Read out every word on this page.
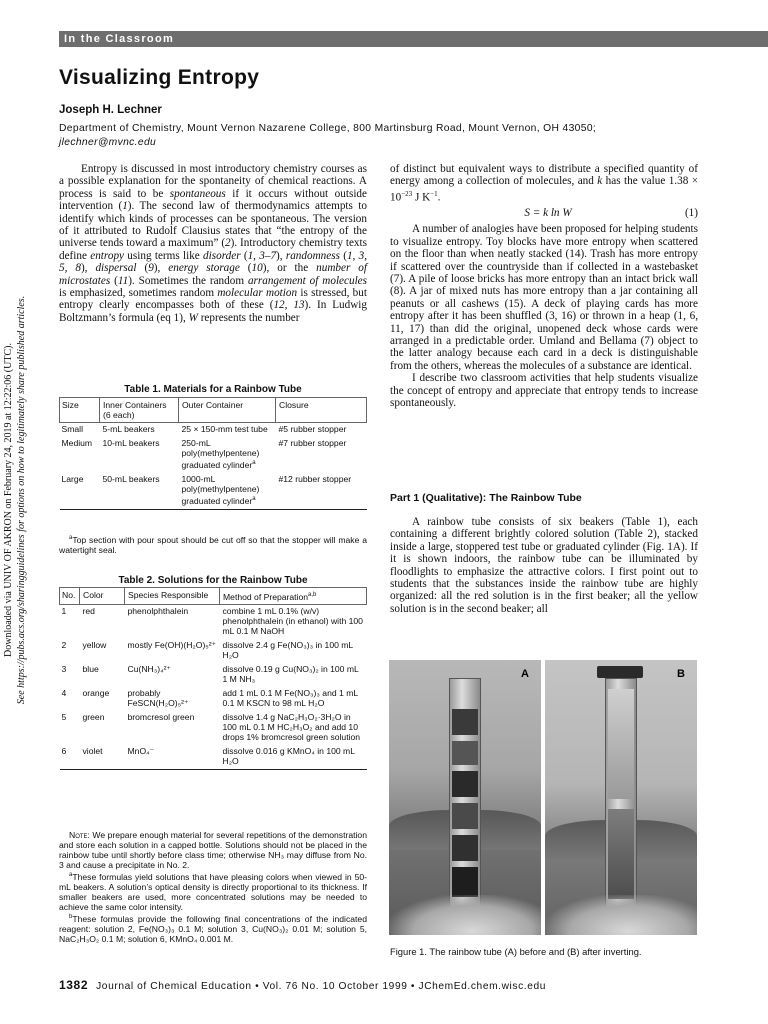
In the Classroom
Visualizing Entropy

Joseph H. Lechner

Department of Chemistry, Mount Vernon Nazarene College, 800 Martinsburg Road, Mount Vernon, OH 43050;
jlechner@mvnc.edu

Downloaded via UNIV OF AKRON on February 24, 2019 at 12:22:06 (UTC). See https://pubs.acs.org/sharingguidelines for options on how to legitimately share published articles.

Entropy is discussed in most introductory chemistry courses as a possible explanation for the spontaneity of chemical reactions. A process is said to be spontaneous if it occurs without outside intervention (1). The second law of thermodynamics attempts to identify which kinds of processes can be spontaneous. The version of it attributed to Rudolf Clausius states that “the entropy of the universe tends toward a maximum” (2). Introductory chemistry texts define entropy using terms like disorder (1, 3–7), randomness (1, 3, 5, 8), dispersal (9), energy storage (10), or the number of microstates (11). Sometimes the random arrangement of molecules is emphasized, sometimes random molecular motion is stressed, but entropy clearly encompasses both of these (12, 13). In Ludwig Boltzmann’s formula (eq 1), W represents the number

Table 1. Materials for a Rainbow Tube

Size	Inner Containers (6 each)	Outer Container	Closure
Small	5-mL beakers	25 × 150-mm test tube	#5 rubber stopper
Medium	10-mL beakers	250-mL poly(methylpentene) graduated cylinder$^a$	#7 rubber stopper
Large	50-mL beakers	1000-mL poly(methylpentene) graduated cylinder$^a$	#12 rubber stopper

$^a$Top section with pour spout should be cut off so that the stopper will make a watertight seal.

Table 2. Solutions for the Rainbow Tube

No.	Color	Species Responsible	Method of Preparation$^{a,b}$
1	red	phenolphthalein	combine 1 mL 0.1% (w/v) phenolphthalein (in ethanol) with 100 mL 0.1 M NaOH
2	yellow	mostly Fe(OH)(H₂O)₅²⁺	dissolve 2.4 g Fe(NO₃)₃ in 100 mL H₂O
3	blue	Cu(NH₃)₄²⁺	dissolve 0.19 g Cu(NO₃)₂ in 100 mL 1 M NH₃
4	orange	probably FeSCN(H₂O)₅²⁺	add 1 mL 0.1 M Fe(NO₃)₃ and 1 mL 0.1 M KSCN to 98 mL H₂O
5	green	bromcresol green	dissolve 1.4 g NaC₂H₃O₂·3H₂O in 100 mL 0.1 M HC₂H₃O₂ and add 10 drops 1% bromcresol green solution
6	violet	MnO₄⁻	dissolve 0.016 g KMnO₄ in 100 mL H₂O

Note: We prepare enough material for several repetitions of the demonstration and store each solution in a capped bottle. Solutions should not be placed in the rainbow tube until shortly before class time; otherwise NH₃ may diffuse from No. 3 and cause a precipitate in No. 2.

$^a$These formulas yield solutions that have pleasing colors when viewed in 50-mL beakers. A solution’s optical density is directly proportional to its thickness. If smaller beakers are used, more concentrated solutions may be needed to achieve the same color intensity.

$^b$These formulas provide the following final concentrations of the indicated reagent: solution 2, Fe(NO₃)₃ 0.1 M; solution 3, Cu(NO₃)₂ 0.01 M; solution 5, NaC₂H₃O₂ 0.1 M; solution 6, KMnO₄ 0.001 M.

of distinct but equivalent ways to distribute a specified quantity of energy among a collection of molecules, and k has the value $1.38 \times 10^{-23}$ J $K^{-1}$.

S = k ln W	(1)

A number of analogies have been proposed for helping students to visualize entropy. Toy blocks have more entropy when scattered on the floor than when neatly stacked (14). Trash has more entropy if scattered over the countryside than if collected in a wastebasket (7). A pile of loose bricks has more entropy than an intact brick wall (8). A jar of mixed nuts has more entropy than a jar containing all peanuts or all cashews (15). A deck of playing cards has more entropy after it has been shuffled (3, 16) or thrown in a heap (1, 6, 11, 17) than did the original, unopened deck whose cards were arranged in a predictable order. Umland and Bellama (7) object to the latter analogy because each card in a deck is distinguishable from the others, whereas the molecules of a substance are identical.

I describe two classroom activities that help students visualize the concept of entropy and appreciate that entropy tends to increase spontaneously.

Part 1 (Qualitative): The Rainbow Tube

A rainbow tube consists of six beakers (Table 1), each containing a different brightly colored solution (Table 2), stacked inside a large, stoppered test tube or graduated cylinder (Fig. 1A). If it is shown indoors, the rainbow tube can be illuminated by floodlights to emphasize the attractive colors. I first point out to students that the substances inside the rainbow tube are highly organized: all the red solution is in the first beaker; all the yellow solution is in the second beaker; all

A	B

Figure 1. The rainbow tube (A) before and (B) after inverting.

1382 Journal of Chemical Education • Vol. 76 No. 10 October 1999 • JChemEd.chem.wisc.edu
